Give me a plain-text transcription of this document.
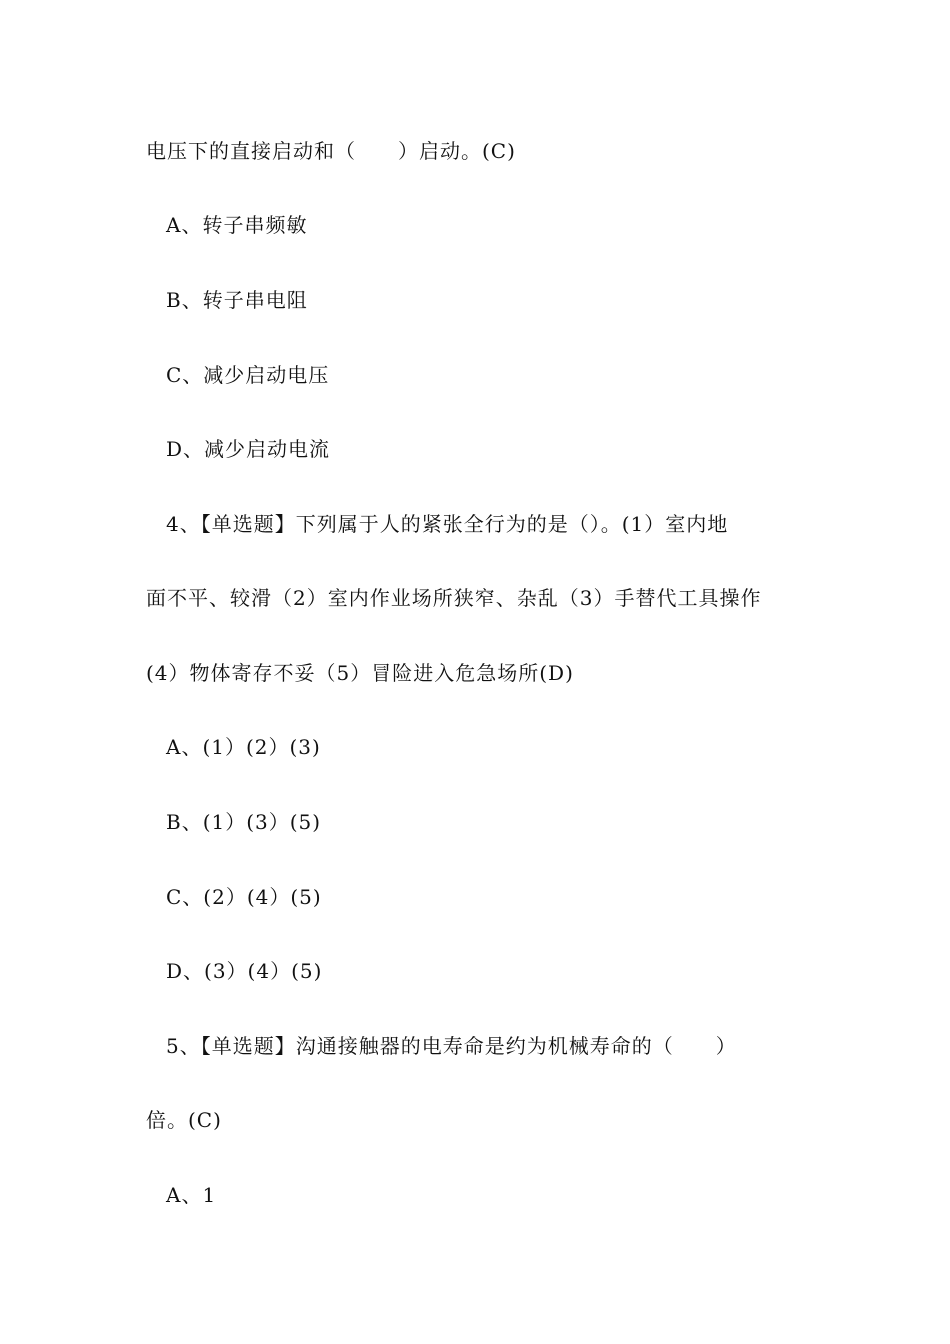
电压下的直接启动和（　　）启动。(C)
A、转子串频敏
B、转子串电阻
C、减少启动电压
D、减少启动电流
4、【单选题】下列属于人的紧张全行为的是（）。(1）室内地
面不平、较滑（2）室内作业场所狭窄、杂乱（3）手替代工具操作
(4）物体寄存不妥（5）冒险进入危急场所(D)
A、(1）(2）(3)
B、(1）(3）(5)
C、(2）(4）(5)
D、(3）(4）(5)
5、【单选题】沟通接触器的电寿命是约为机械寿命的（　　）
倍。(C)
A、1
